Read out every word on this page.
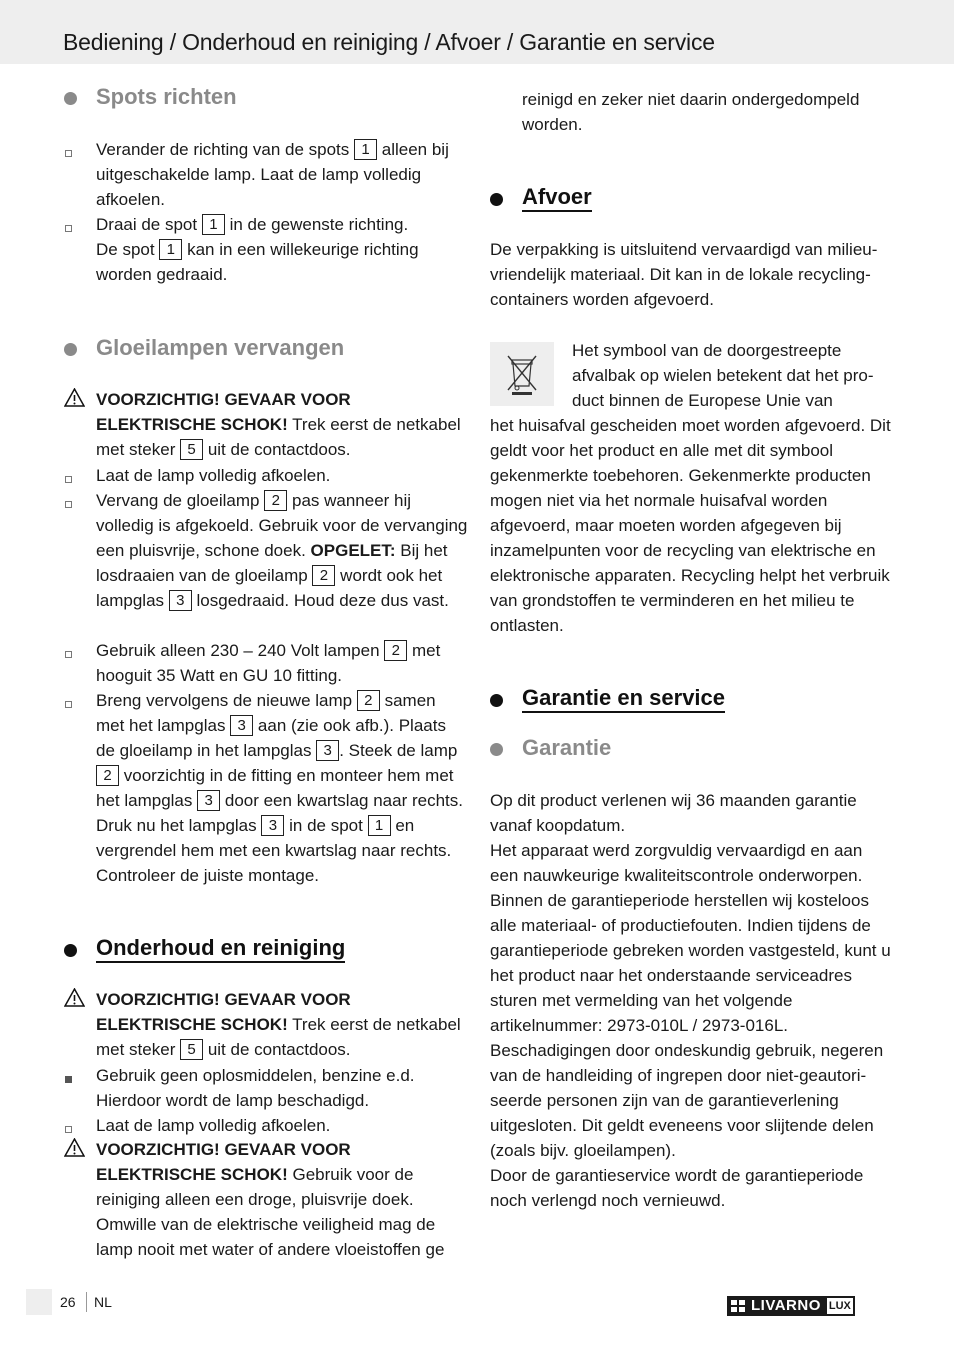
Bediening / Onderhoud en reiniging / Afvoer / Garantie en service
Spots richten
Verander de richting van de spots 1 alleen bij uitgeschakelde lamp. Laat de lamp volledig afkoelen.
Draai de spot 1 in de gewenste richting.
De spot 1 kan in een willekeurige richting worden gedraaid.
Gloeilampen vervangen
VOORZICHTIG! GEVAAR VOOR ELEKTRISCHE SCHOK! Trek eerst de netkabel met steker 5 uit de contactdoos.
Laat de lamp volledig afkoelen.
Vervang de gloeilamp 2 pas wanneer hij volledig is afgekoeld. Gebruik voor de vervanging een pluisvrije, schone doek. OPGELET: Bij het losdraaien van de gloeilamp 2 wordt ook het lampglas 3 losgedraaid. Houd deze dus vast.
Gebruik alleen 230 – 240 Volt lampen 2 met hooguit 35 Watt en GU 10 fitting.
Breng vervolgens de nieuwe lamp 2 samen met het lampglas 3 aan (zie ook afb.). Plaats de gloeilamp in het lampglas 3 . Steek de lamp 2 voorzichtig in de fitting en monteer hem met het lampglas 3 door een kwartslag naar rechts. Druk nu het lampglas 3 in de spot 1 en vergrendel hem met een kwartslag naar rechts. Controleer de juiste montage.
Onderhoud en reiniging
VOORZICHTIG! GEVAAR VOOR ELEKTRISCHE SCHOK! Trek eerst de netkabel met steker 5 uit de contactdoos.
Gebruik geen oplosmiddelen, benzine e.d. Hierdoor wordt de lamp beschadigd.
Laat de lamp volledig afkoelen.
VOORZICHTIG! GEVAAR VOOR ELEKTRISCHE SCHOK! Gebruik voor de reiniging alleen een droge, pluisvrije doek. Omwille van de elektrische veiligheid mag de lamp nooit met water of andere vloeistoffen ge
reinigd en zeker niet daarin ondergedompeld worden.
Afvoer
De verpakking is uitsluitend vervaardigd van milieuvriendelijk materiaal. Dit kan in de lokale recyclingcontainers worden afgevoerd.
Het symbool van de doorgestreepte afvalbak op wielen betekent dat het product binnen de Europese Unie van
het huisafval gescheiden moet worden afgevoerd. Dit geldt voor het product en alle met dit symbool gekenmerkte toebehoren. Gekenmerkte producten mogen niet via het normale huisafval worden afgevoerd, maar moeten worden afgegeven bij inzamelpunten voor de recycling van elektrische en elektronische apparaten. Recycling helpt het verbruik van grondstoffen te verminderen en het milieu te ontlasten.
Garantie en service
Garantie
Op dit product verlenen wij 36 maanden garantie vanaf koopdatum.
Het apparaat werd zorgvuldig vervaardigd en aan een nauwkeurige kwaliteitscontrole onderworpen. Binnen de garantieperiode herstellen wij kosteloos alle materiaal- of productiefouten. Indien tijdens de garantieperiode gebreken worden vastgesteld, kunt u het product naar het onderstaande serviceadres sturen met vermelding van het volgende artikelnummer: 2973-010L / 2973-016L.
Beschadigingen door ondeskundig gebruik, negeren van de handleiding of ingrepen door niet-geautoriseerde personen zijn van de garantieverlening uitgesloten. Dit geldt eveneens voor slijtende delen (zoals bijv. gloeilampen).
Door de garantieservice wordt de garantieperiode noch verlengd noch vernieuwd.
26 NL	LIVARNO LUX
